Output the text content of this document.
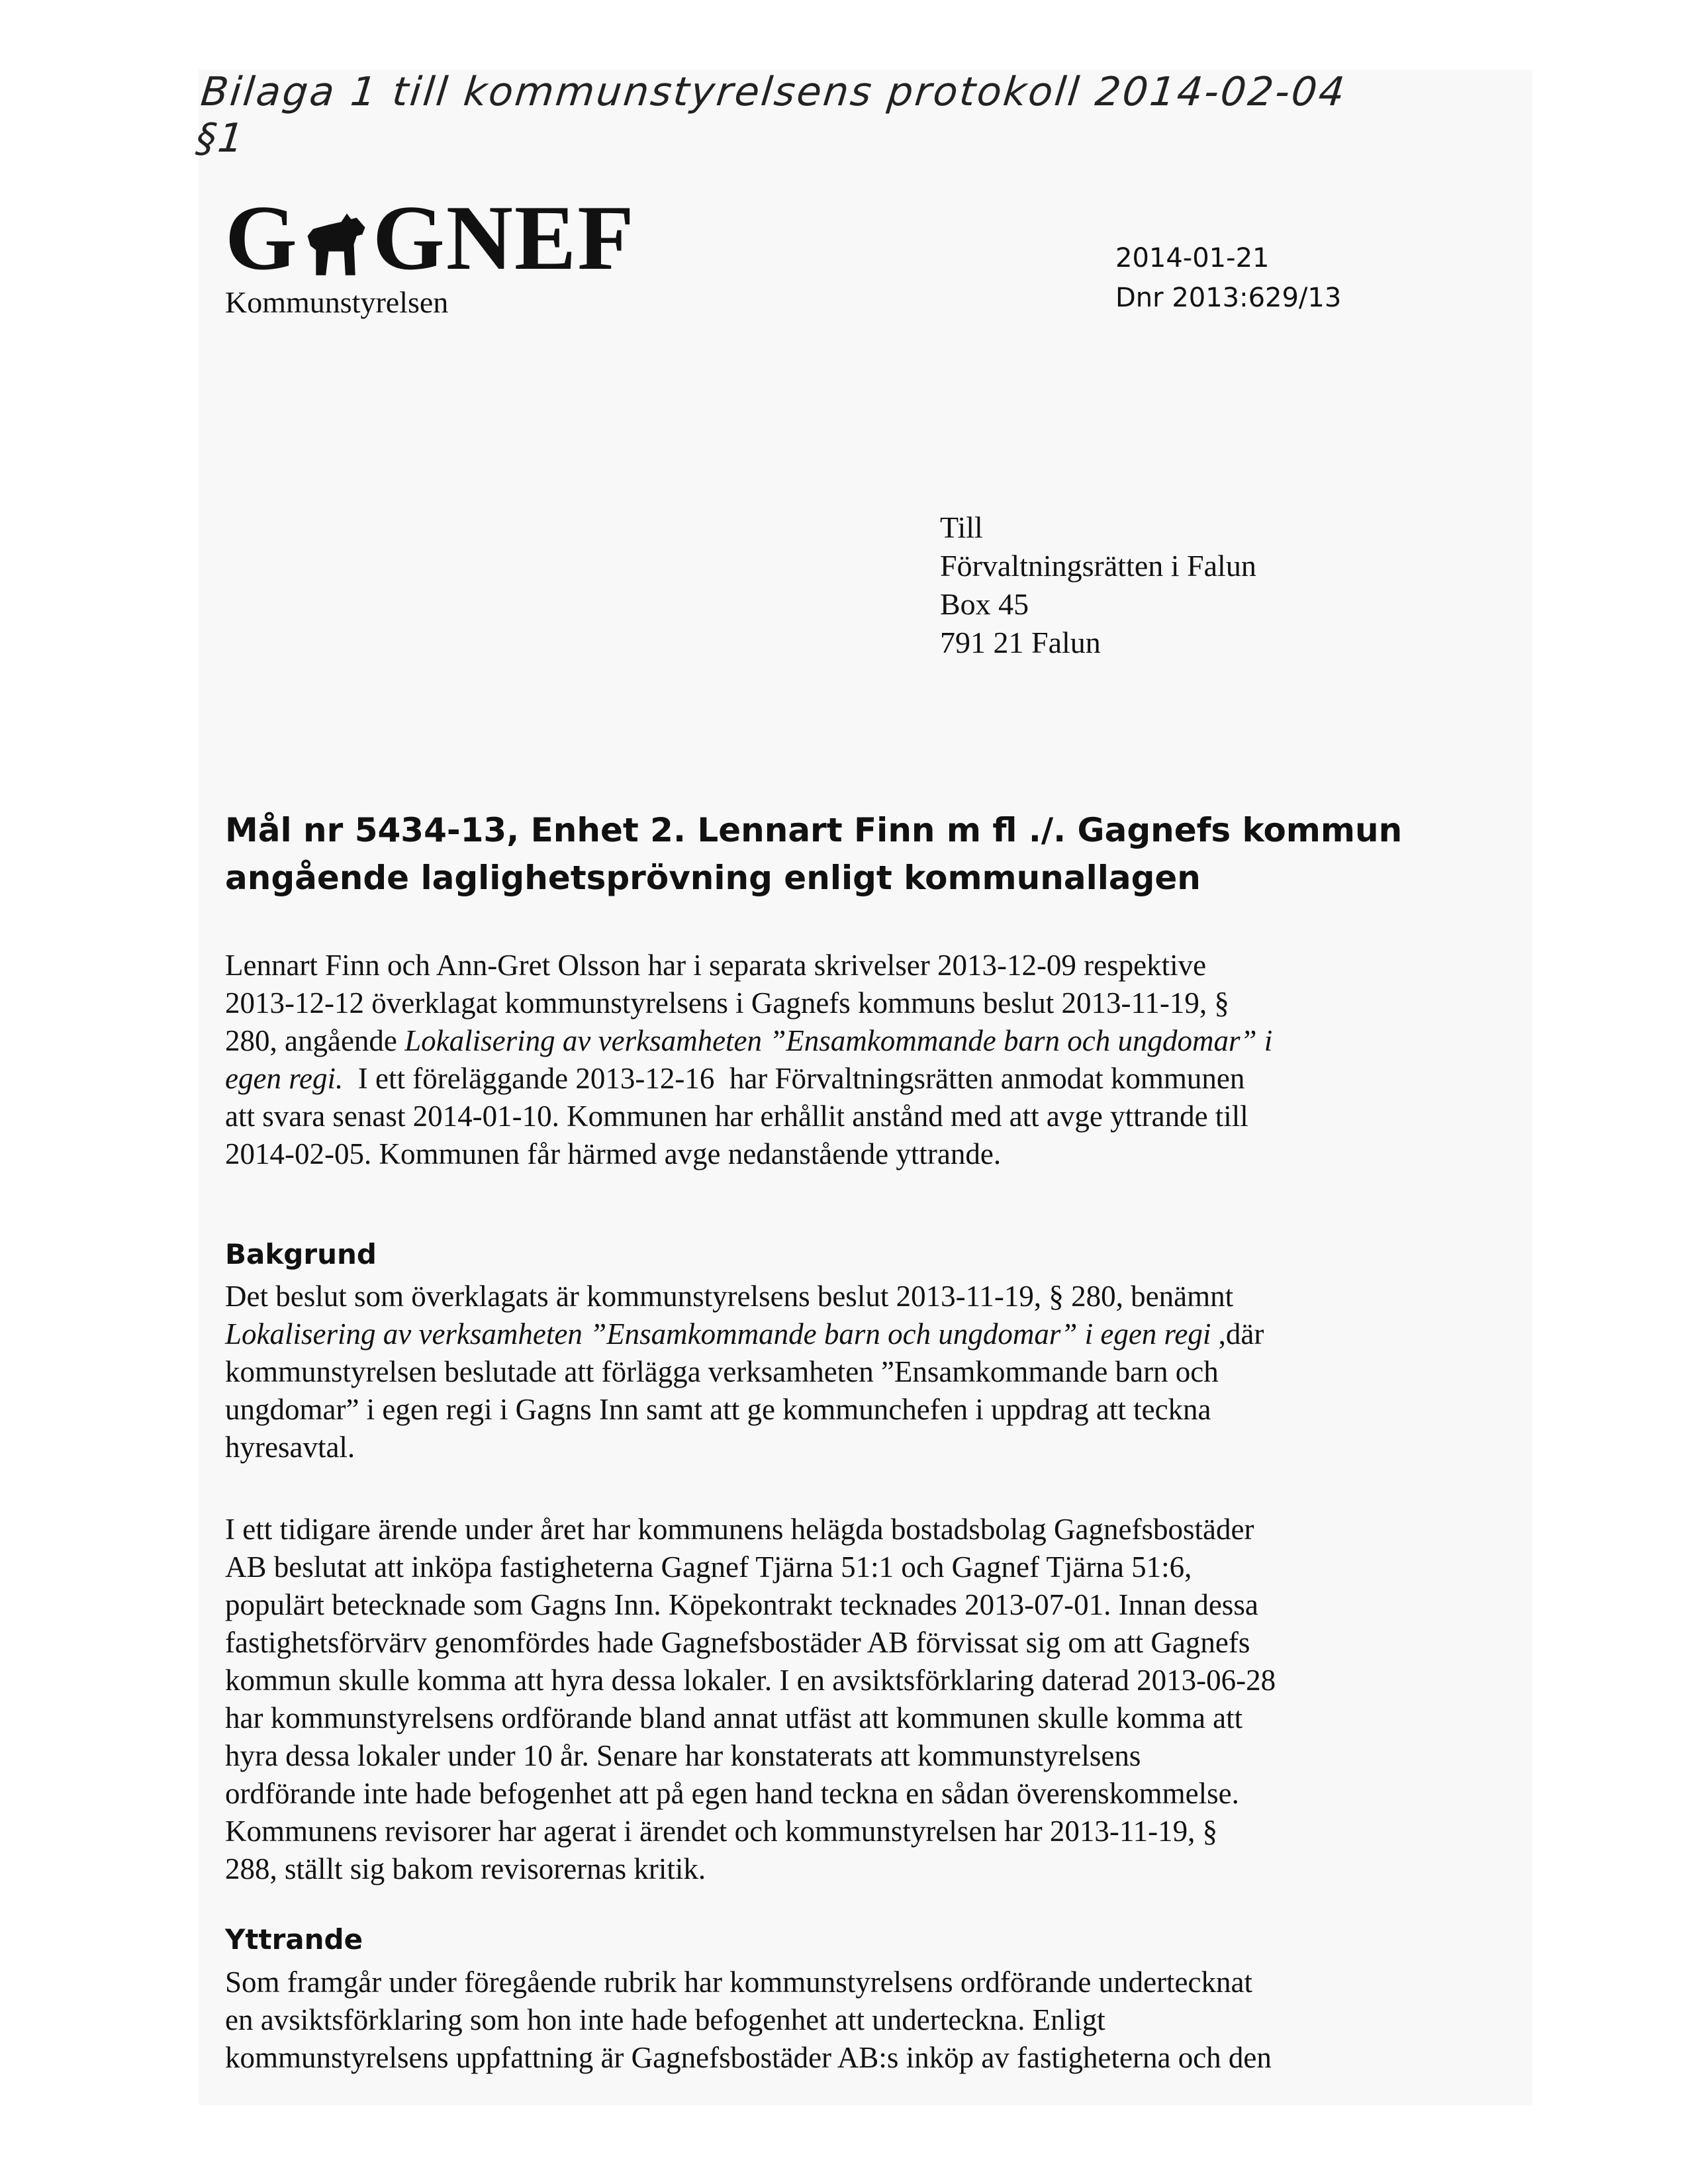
Bilaga 1 till kommunstyrelsens protokoll 2014-02-04 §1
G GNEF
Kommunstyrelsen
2014-01-21
Dnr 2013:629/13
Till
Förvaltningsrätten i Falun
Box 45
791 21 Falun
Mål nr 5434-13, Enhet 2. Lennart Finn m fl ./. Gagnefs kommun
angående laglighetsprövning enligt kommunallagen
Lennart Finn och Ann-Gret Olsson har i separata skrivelser 2013-12-09 respektive
2013-12-12 överklagat kommunstyrelsens i Gagnefs kommuns beslut 2013-11-19, §
280, angående Lokalisering av verksamheten ”Ensamkommande barn och ungdomar” i
egen regi.  I ett föreläggande 2013-12-16  har Förvaltningsrätten anmodat kommunen
att svara senast 2014-01-10. Kommunen har erhållit anstånd med att avge yttrande till
2014-02-05. Kommunen får härmed avge nedanstående yttrande.
Bakgrund
Det beslut som överklagats är kommunstyrelsens beslut 2013-11-19, § 280, benämnt
Lokalisering av verksamheten ”Ensamkommande barn och ungdomar” i egen regi ,där
kommunstyrelsen beslutade att förlägga verksamheten ”Ensamkommande barn och
ungdomar” i egen regi i Gagns Inn samt att ge kommunchefen i uppdrag att teckna
hyresavtal.
I ett tidigare ärende under året har kommunens helägda bostadsbolag Gagnefsbostäder
AB beslutat att inköpa fastigheterna Gagnef Tjärna 51:1 och Gagnef Tjärna 51:6,
populärt betecknade som Gagns Inn. Köpekontrakt tecknades 2013-07-01. Innan dessa
fastighetsförvärv genomfördes hade Gagnefsbostäder AB förvissat sig om att Gagnefs
kommun skulle komma att hyra dessa lokaler. I en avsiktsförklaring daterad 2013-06-28
har kommunstyrelsens ordförande bland annat utfäst att kommunen skulle komma att
hyra dessa lokaler under 10 år. Senare har konstaterats att kommunstyrelsens
ordförande inte hade befogenhet att på egen hand teckna en sådan överenskommelse.
Kommunens revisorer har agerat i ärendet och kommunstyrelsen har 2013-11-19, §
288, ställt sig bakom revisorernas kritik.
Yttrande
Som framgår under föregående rubrik har kommunstyrelsens ordförande undertecknat
en avsiktsförklaring som hon inte hade befogenhet att underteckna. Enligt
kommunstyrelsens uppfattning är Gagnefsbostäder AB:s inköp av fastigheterna och den
